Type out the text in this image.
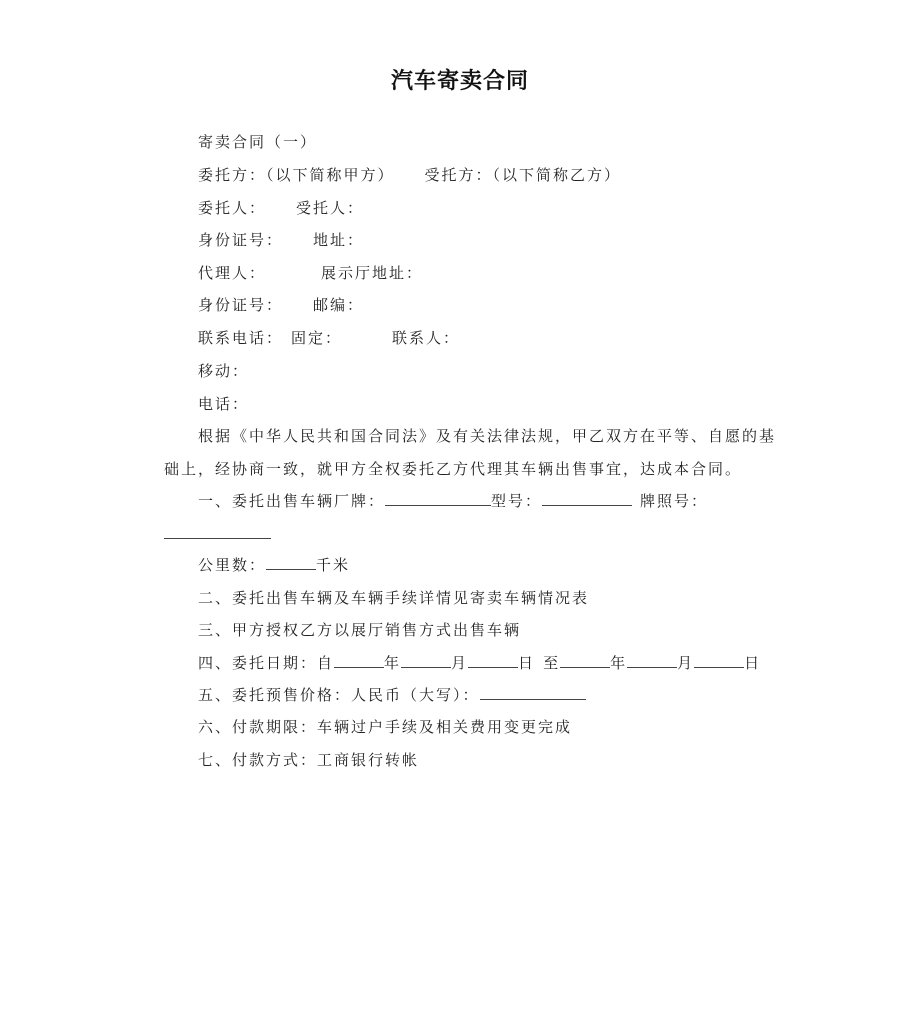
汽车寄卖合同
寄卖合同（一）
委托方：（以下简称甲方） 受托方：（以下简称乙方）
委托人： 受托人：
身份证号： 地址：
代理人：	展示厅地址：
身份证号： 邮编：
联系电话： 固定：	联系人：
移动：
电话：
根据《中华人民共和国合同法》及有关法律法规，甲乙双方在平等、自愿的基
础上，经协商一致，就甲方全权委托乙方代理其车辆出售事宜，达成本合同。
一、委托出售车辆厂牌：	型号：	牌照号：
公里数：	千米
二、委托出售车辆及车辆手续详情见寄卖车辆情况表
三、甲方授权乙方以展厅销售方式出售车辆
四、委托日期：自	年	月	日 至	年	月	日
五、委托预售价格：人民币（大写）：
六、付款期限：车辆过户手续及相关费用变更完成
七、付款方式：工商银行转帐
